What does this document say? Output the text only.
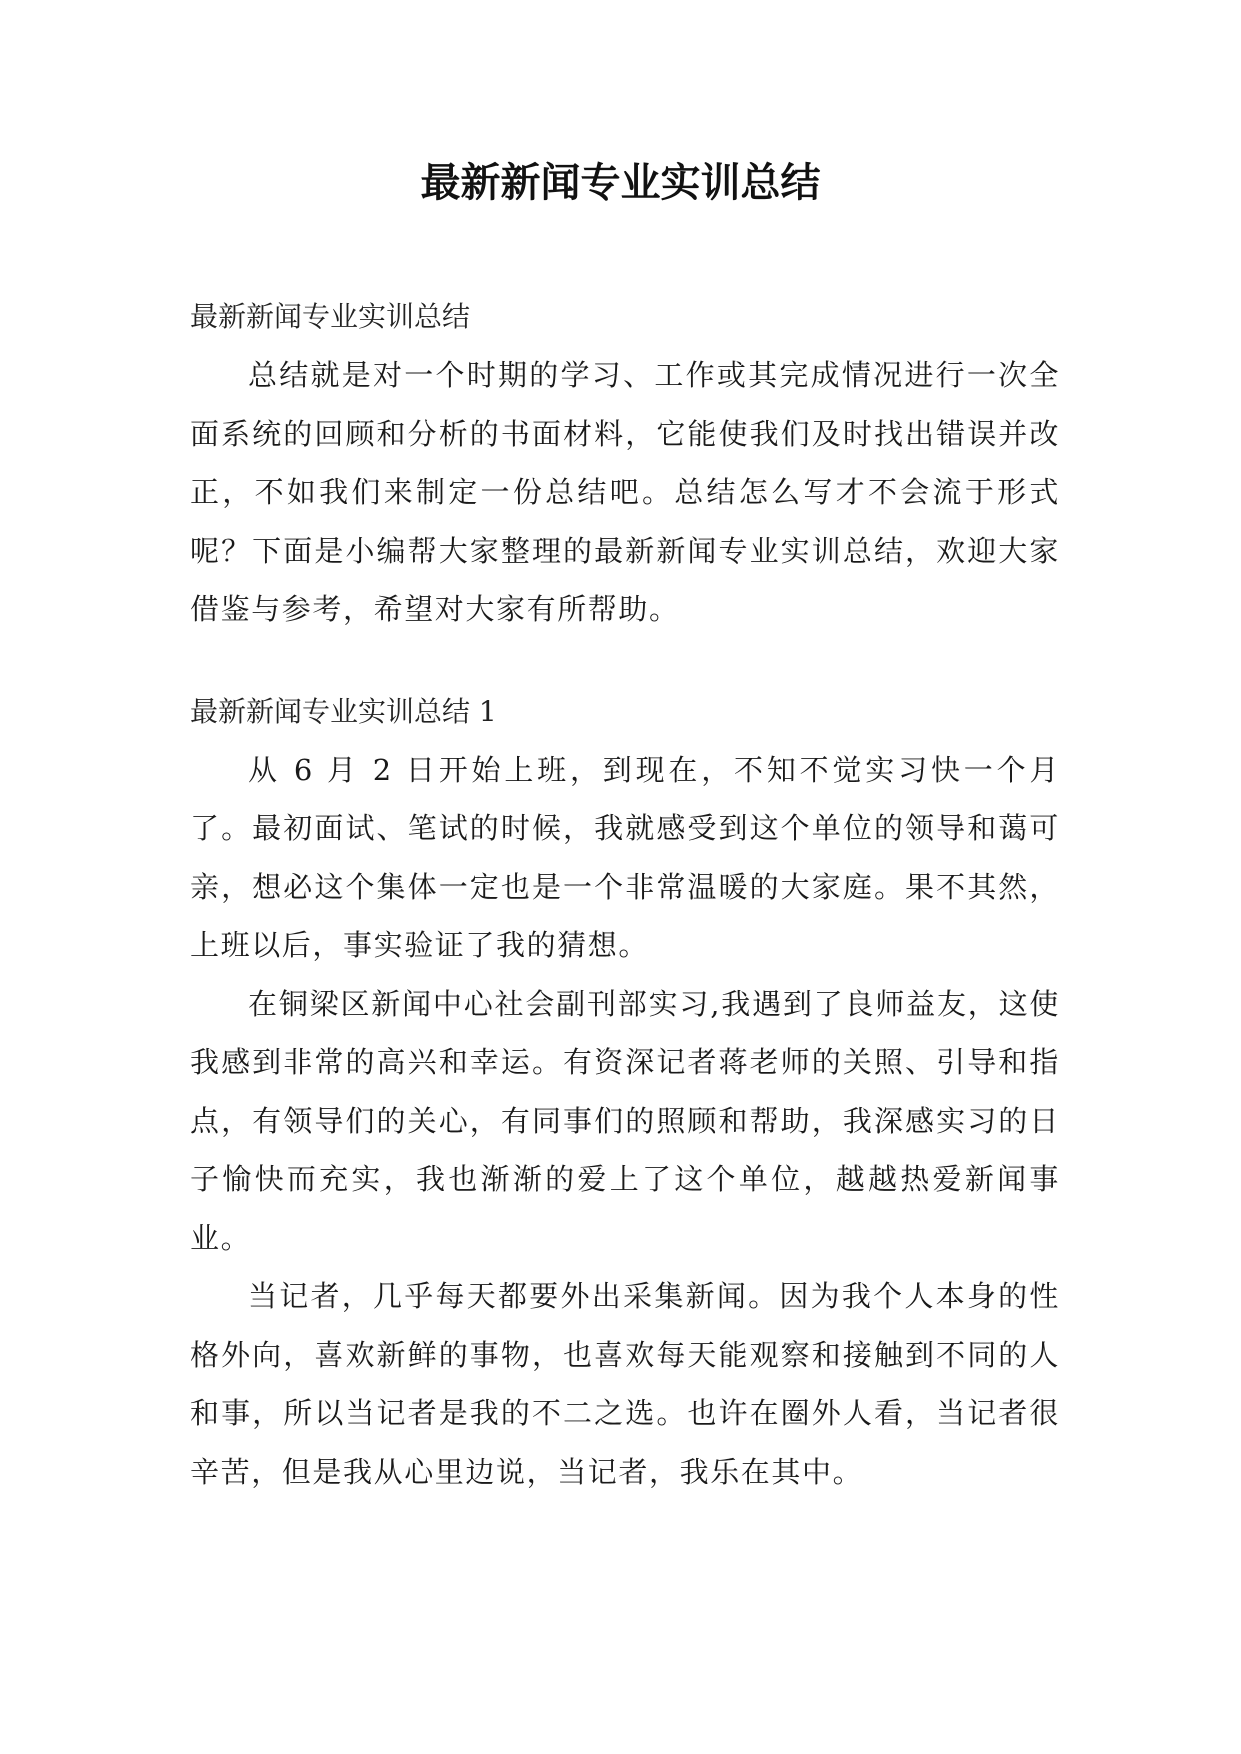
最新新闻专业实训总结

最新新闻专业实训总结

总结就是对一个时期的学习、工作或其完成情况进行一次全面系统的回顾和分析的书面材料，它能使我们及时找出错误并改正，不如我们来制定一份总结吧。总结怎么写才不会流于形式呢？下面是小编帮大家整理的最新新闻专业实训总结，欢迎大家借鉴与参考，希望对大家有所帮助。

最新新闻专业实训总结 1

从 6 月 2 日开始上班，到现在，不知不觉实习快一个月了。最初面试、笔试的时候，我就感受到这个单位的领导和蔼可亲，想必这个集体一定也是一个非常温暖的大家庭。果不其然，上班以后，事实验证了我的猜想。

在铜梁区新闻中心社会副刊部实习,我遇到了良师益友，这使我感到非常的高兴和幸运。有资深记者蒋老师的关照、引导和指点，有领导们的关心，有同事们的照顾和帮助，我深感实习的日子愉快而充实，我也渐渐的爱上了这个单位，越越热爱新闻事业。

当记者，几乎每天都要外出采集新闻。因为我个人本身的性格外向，喜欢新鲜的事物，也喜欢每天能观察和接触到不同的人和事，所以当记者是我的不二之选。也许在圈外人看，当记者很辛苦，但是我从心里边说，当记者，我乐在其中。
